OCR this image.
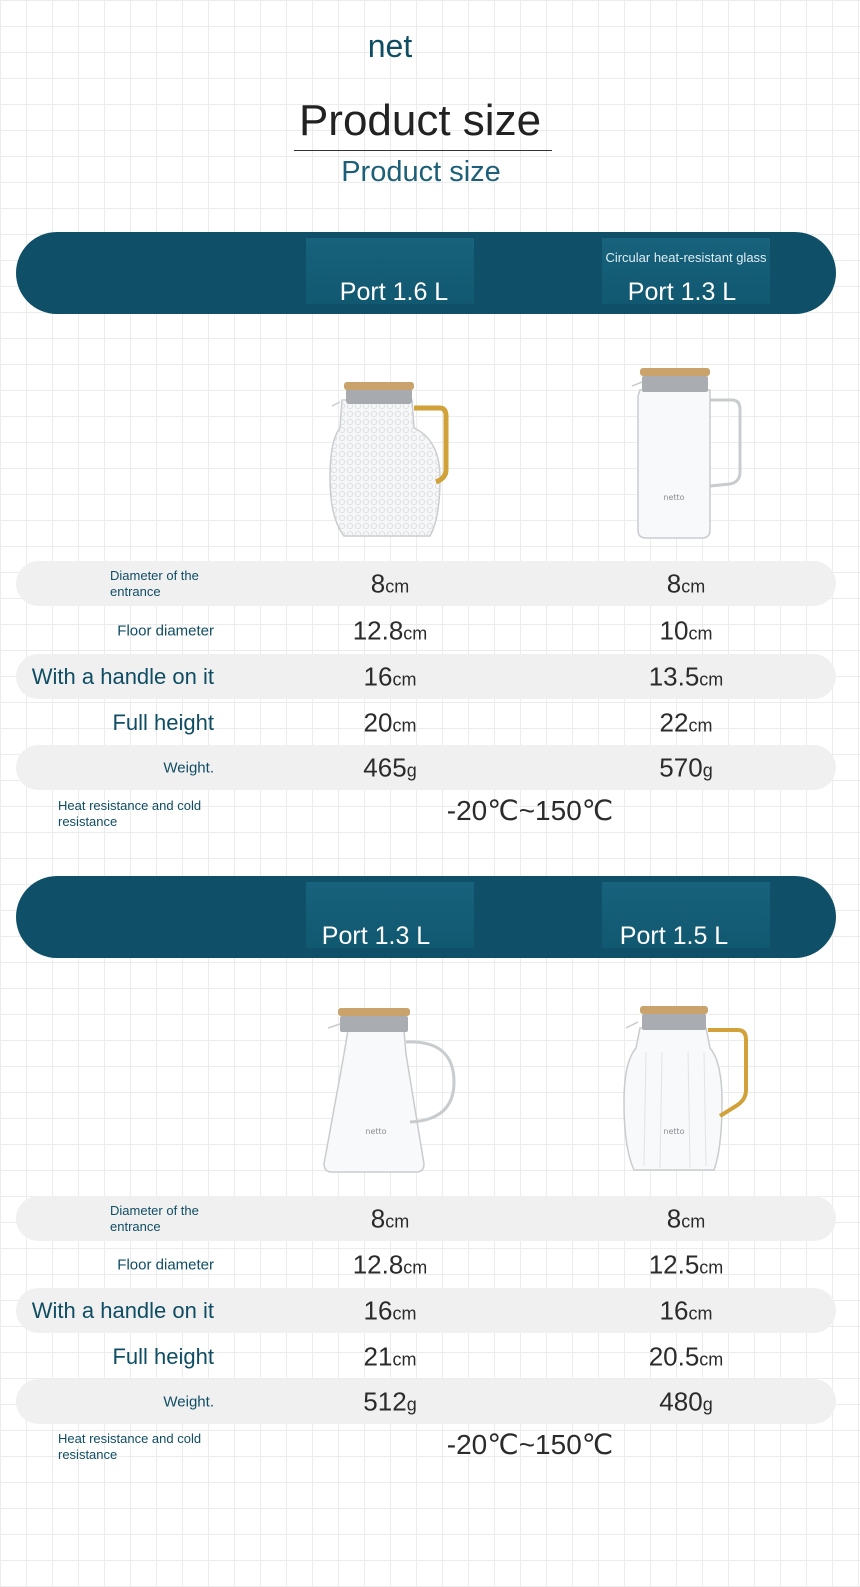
net
Product size
Product size
Circular heat-resistant glass
Port 1.6 L	Port 1.3 L
netto
Diameter of the entrance	8cm	8cm
Floor diameter	12.8cm	10cm
With a handle on it	16cm	13.5cm
Full height	20cm	22cm
Weight.	465g	570g
Heat resistance and cold resistance	-20℃~150℃
Port 1.3 L	Port 1.5 L
netto	netto
Diameter of the entrance	8cm	8cm
Floor diameter	12.8cm	12.5cm
With a handle on it	16cm	16cm
Full height	21cm	20.5cm
Weight.	512g	480g
Heat resistance and cold resistance	-20℃~150℃
